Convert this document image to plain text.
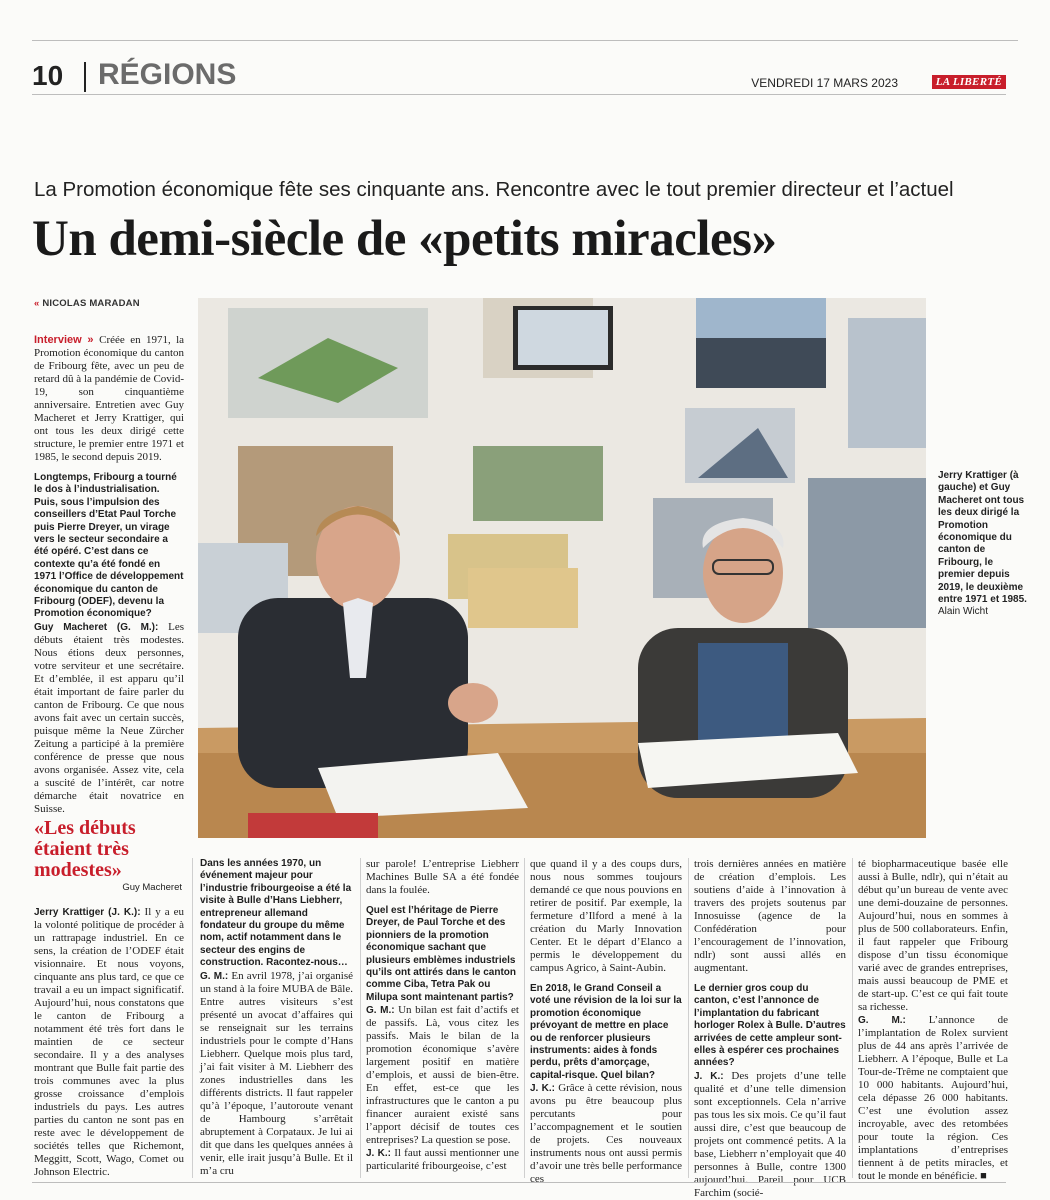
10 RÉGIONS	VENDREDI 17 MARS 2023	LA LIBERTÉ
La Promotion économique fête ses cinquante ans. Rencontre avec le tout premier directeur et l’actuel
Un demi-siècle de «petits miracles»
« NICOLAS MARADAN

Interview » Créée en 1971, la Promotion économique du canton de Fribourg fête, avec un peu de retard dû à la pandémie de Covid-19, son cinquantième anniversaire. Entretien avec Guy Macheret et Jerry Krattiger, qui ont tous les deux dirigé cette structure, le premier entre 1971 et 1985, le second depuis 2019.

Longtemps, Fribourg a tourné le dos à l’industrialisation. Puis, sous l’impulsion des conseillers d’Etat Paul Torche puis Pierre Dreyer, un virage vers le secteur secondaire a été opéré. C’est dans ce contexte qu’a été fondé en 1971 l’Office de développement économique du canton de Fribourg (ODEF), devenu la Promotion économique?

Guy Macheret (G. M.): Les débuts étaient très modestes. Nous étions deux personnes, votre serviteur et une secrétaire. Et d’emblée, il est apparu qu’il était important de faire parler du canton de Fribourg. Ce que nous avons fait avec un certain succès, puisque même la Neue Zürcher Zeitung a participé à la première conférence de presse que nous avons organisée. Assez vite, cela a suscité de l’intérêt, car notre démarche était novatrice en Suisse.

Jerry Krattiger (à gauche) et Guy Macheret ont tous les deux dirigé la Promotion économique du canton de Fribourg, le premier depuis 2019, le deuxième entre 1971 et 1985.
Alain Wicht
«Les débuts étaient très modestes»
Guy Macheret

Jerry Krattiger (J. K.): Il y a eu la volonté politique de procéder à un rattrapage industriel. En ce sens, la création de l’ODEF était visionnaire. Et nous voyons, cinquante ans plus tard, ce que ce travail a eu un impact significatif. Aujourd’hui, nous constatons que le canton de Fribourg a notamment été très fort dans le maintien de ce secteur secondaire. Il y a des analyses montrant que Bulle fait partie des trois communes avec la plus grosse croissance d’emplois industriels du pays. Les autres parties du canton ne sont pas en reste avec le développement de sociétés telles que Richemont, Meggitt, Scott, Wago, Comet ou Johnson Electric.

Dans les années 1970, un événement majeur pour l’industrie fribourgeoise a été la visite à Bulle d’Hans Liebherr, entrepreneur allemand fondateur du groupe du même nom, actif notamment dans le secteur des engins de construction. Racontez-nous…

G. M.: En avril 1978, j’ai organisé un stand à la foire MUBA de Bâle. Entre autres visiteurs s’est présenté un avocat d’affaires qui se renseignait sur les terrains industriels pour le compte d’Hans Liebherr. Quelque mois plus tard, j’ai fait visiter à M. Liebherr des zones industrielles dans les différents districts. Il faut rappeler qu’à l’époque, l’autoroute venant de Hambourg s’arrêtait abruptement à Corpataux. Je lui ai dit que dans les quelques années à venir, elle irait jusqu’à Bulle. Et il m’a cru

sur parole! L’entreprise Liebherr Machines Bulle SA a été fondée dans la foulée.

Quel est l’héritage de Pierre Dreyer, de Paul Torche et des pionniers de la promotion économique sachant que plusieurs emblèmes industriels qu’ils ont attirés dans le canton comme Ciba, Tetra Pak ou Milupa sont maintenant partis?

G. M.: Un bilan est fait d’actifs et de passifs. Là, vous citez les passifs. Mais le bilan de la promotion économique s’avère largement positif en matière d’emplois, et aussi de bien-être. En effet, est-ce que les infrastructures que le canton a pu financer auraient existé sans l’apport décisif de toutes ces entreprises? La question se pose.

J. K.: Il faut aussi mentionner une particularité fribourgeoise, c’est

que quand il y a des coups durs, nous nous sommes toujours demandé ce que nous pouvions en retirer de positif. Par exemple, la fermeture d’Ilford a mené à la création du Marly Innovation Center. Et le départ d’Elanco a permis le développement du campus Agrico, à Saint-Aubin.

En 2018, le Grand Conseil a voté une révision de la loi sur la promotion économique prévoyant de mettre en place ou de renforcer plusieurs instruments: aides à fonds perdu, prêts d’amorçage, capital-risque. Quel bilan?

J. K.: Grâce à cette révision, nous avons pu être beaucoup plus percutants pour l’accompagnement et le soutien de projets. Ces nouveaux instruments nous ont aussi permis d’avoir une très belle performance ces

trois dernières années en matière de création d’emplois. Les soutiens d’aide à l’innovation à travers des projets soutenus par Innosuisse (agence de la Confédération pour l’encouragement de l’innovation, ndlr) sont aussi allés en augmentant.

Le dernier gros coup du canton, c’est l’annonce de l’implantation du fabricant horloger Rolex à Bulle. D’autres arrivées de cette ampleur sont-elles à espérer ces prochaines années?

J. K.: Des projets d’une telle qualité et d’une telle dimension sont exceptionnels. Cela n’arrive pas tous les six mois. Ce qu’il faut aussi dire, c’est que beaucoup de projets ont commencé petits. A la base, Liebherr n’employait que 40 personnes à Bulle, contre 1300 aujourd’hui. Pareil pour UCB Farchim (socié-

té biopharmaceutique basée elle aussi à Bulle, ndlr), qui n’était au début qu’un bureau de vente avec une demi-douzaine de personnes. Aujourd’hui, nous en sommes à plus de 500 collaborateurs. Enfin, il faut rappeler que Fribourg dispose d’un tissu économique varié avec de grandes entreprises, mais aussi beaucoup de PME et de start-up. C’est ce qui fait toute sa richesse.

G. M.: L’annonce de l’implantation de Rolex survient plus de 44 ans après l’arrivée de Liebherr. A l’époque, Bulle et La Tour-de-Trême ne comptaient que 10 000 habitants. Aujourd’hui, cela dépasse 26 000 habitants. C’est une évolution assez incroyable, avec des retombées pour toute la région. Ces implantations d’entreprises tiennent à de petits miracles, et tout le monde en bénéficie. ■
